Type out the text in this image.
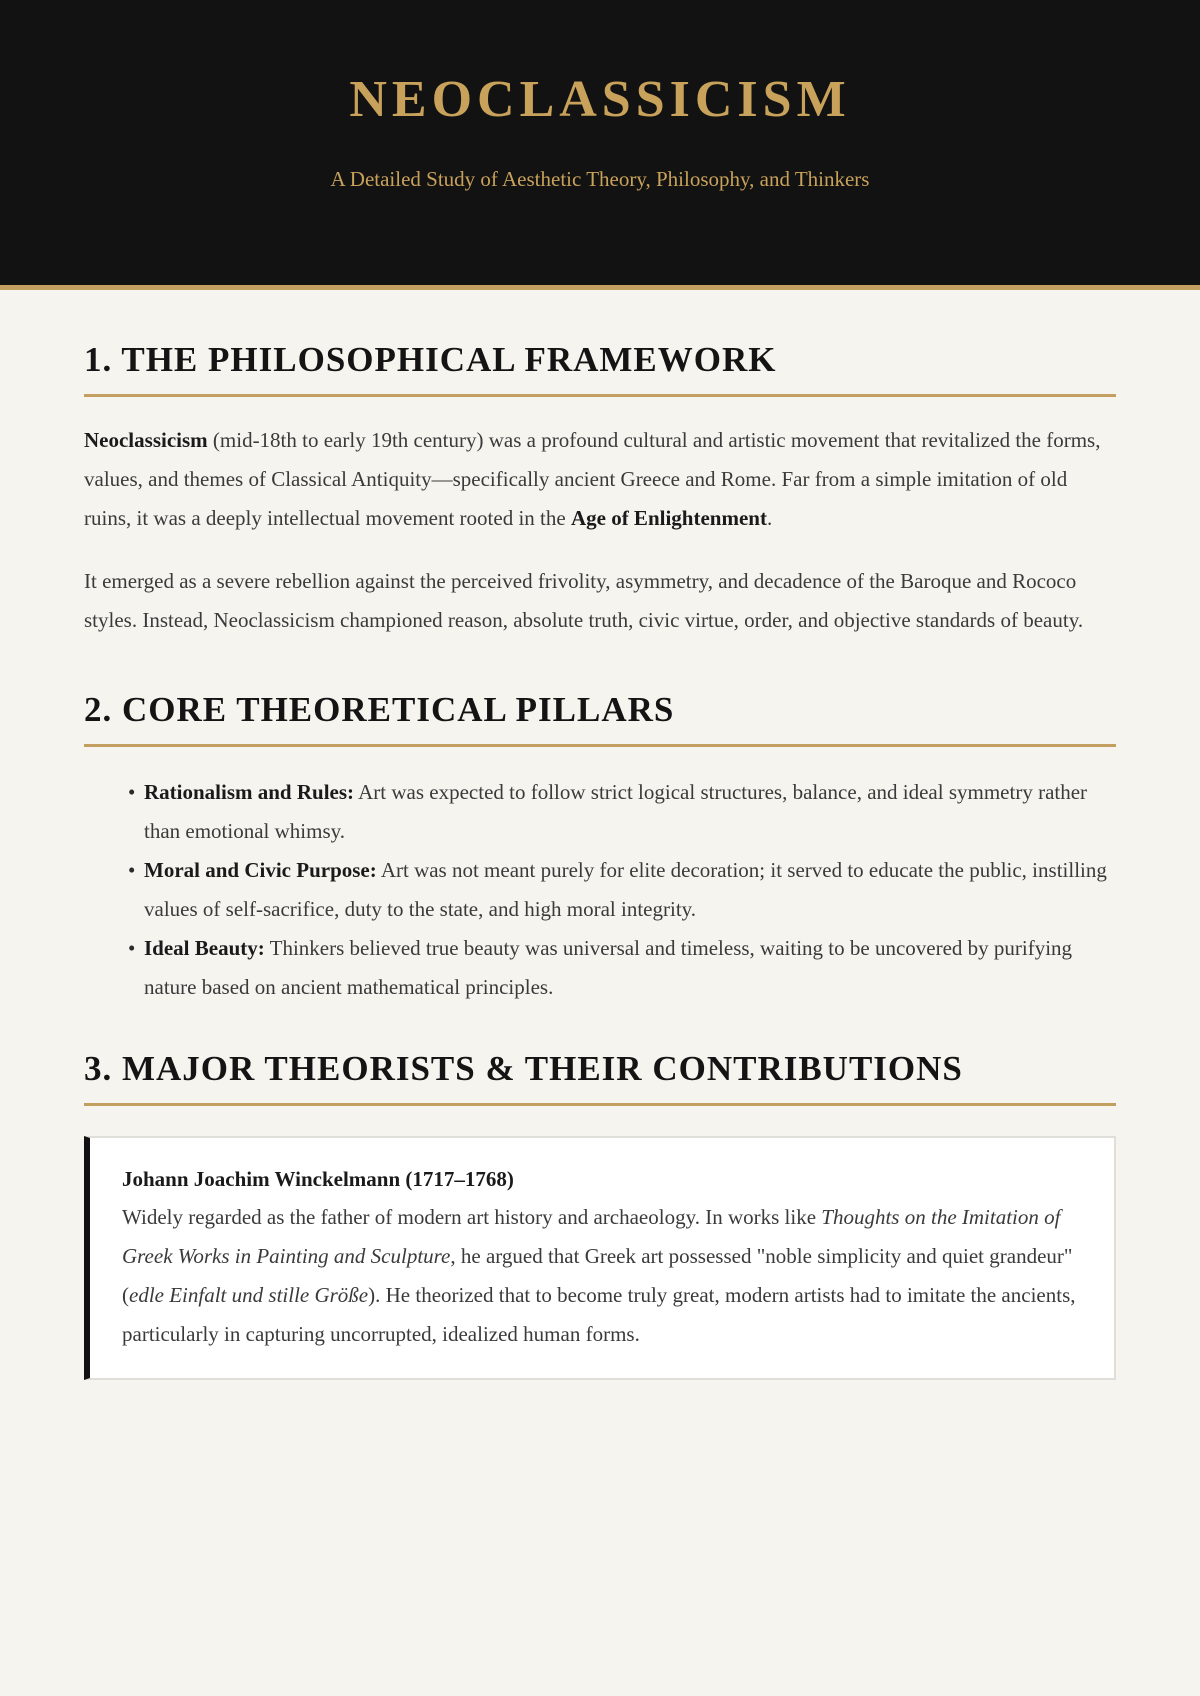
NEOCLASSICISM
A Detailed Study of Aesthetic Theory, Philosophy, and Thinkers
1. THE PHILOSOPHICAL FRAMEWORK

Neoclassicism (mid-18th to early 19th century) was a profound cultural and artistic movement that revitalized the forms, values, and themes of Classical Antiquity—specifically ancient Greece and Rome. Far from a simple imitation of old ruins, it was a deeply intellectual movement rooted in the Age of Enlightenment.

It emerged as a severe rebellion against the perceived frivolity, asymmetry, and decadence of the Baroque and Rococo styles. Instead, Neoclassicism championed reason, absolute truth, civic virtue, order, and objective standards of beauty.

2. CORE THEORETICAL PILLARS
• Rationalism and Rules: Art was expected to follow strict logical structures, balance, and ideal symmetry rather than emotional whimsy.
• Moral and Civic Purpose: Art was not meant purely for elite decoration; it served to educate the public, instilling values of self-sacrifice, duty to the state, and high moral integrity.
• Ideal Beauty: Thinkers believed true beauty was universal and timeless, waiting to be uncovered by purifying nature based on ancient mathematical principles.
3. MAJOR THEORISTS & THEIR CONTRIBUTIONS
Johann Joachim Winckelmann (1717–1768)

Widely regarded as the father of modern art history and archaeology. In works like Thoughts on the Imitation of Greek Works in Painting and Sculpture, he argued that Greek art possessed "noble simplicity and quiet grandeur" (edle Einfalt und stille Größe). He theorized that to become truly great, modern artists had to imitate the ancients, particularly in capturing uncorrupted, idealized human forms.
